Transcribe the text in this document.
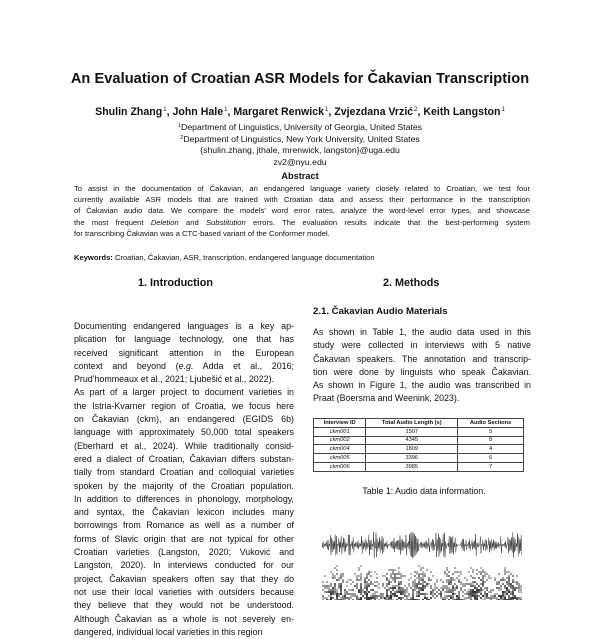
An Evaluation of Croatian ASR Models for Čakavian Transcription
Shulin Zhang$^1$, John Hale$^1$, Margaret Renwick$^1$, Zvjezdana Vrzić$^2$, Keith Langston$^1$
$^1$Department of Linguistics, University of Georgia, United States
$^2$Department of Linguistics, New York University, United States
{shulin.zhang, jthale, mrenwick, langston}@uga.edu
zv2@nyu.edu
Abstract
To assist in the documentation of Čakavian, an endangered language variety closely related to Croatian, we test four
currently available ASR models that are trained with Croatian data and assess their performance in the transcription
of Čakavian audio data. We compare the models' word error rates, analyze the word-level error types, and showcase
the most frequent Deletion and Substitution errors. The evaluation results indicate that the best-performing system
for transcribing Čakavian was a CTC-based variant of the Conformer model.
Keywords: Croatian, Čakavian, ASR, transcription, endangered language documentation
1. Introduction	2. Methods
2.1. Čakavian Audio Materials
Documenting endangered languages is a key ap-
plication for language technology, one that has
received significant attention in the European
context and beyond (e.g. Adda et al., 2016;
Prud'hommeaux et al., 2021; Ljubešić et al., 2022).
As part of a larger project to document varieties in
the Istria-Kvarner region of Croatia, we focus here
on Čakavian (ckm), an endangered (EGIDS 6b)
language with approximately 50,000 total speakers
(Eberhard et al., 2024). While traditionally consid-
ered a dialect of Croatian, Čakavian differs substan-
tially from standard Croatian and colloquial varieties
spoken by the majority of the Croatian population.
In addition to differences in phonology, morphology,
and syntax, the Čakavian lexicon includes many
borrowings from Romance as well as a number of
forms of Slavic origin that are not typical for other
Croatian varieties (Langston, 2020; Vuković and
Langston, 2020). In interviews conducted for our
project, Čakavian speakers often say that they do
not use their local varieties with outsiders because
they believe that they would not be understood.
Although Čakavian as a whole is not severely en-
dangered, individual local varieties in this region
As shown in Table 1, the audio data used in this
study were collected in interviews with 5 native
Čakavian speakers. The annotation and transcrip-
tion were done by linguists who speak Čakavian.
As shown in Figure 1, the audio was transcribed in
Praat (Boersma and Weenink, 2023).
Interview ID	Total Audio Length (s)	Audio Sections
ckm001	1507	5
ckm002	4345	8
ckm004	1809	4
ckm005	3396	6
ckm006	3985	7
Table 1: Audio data information.
